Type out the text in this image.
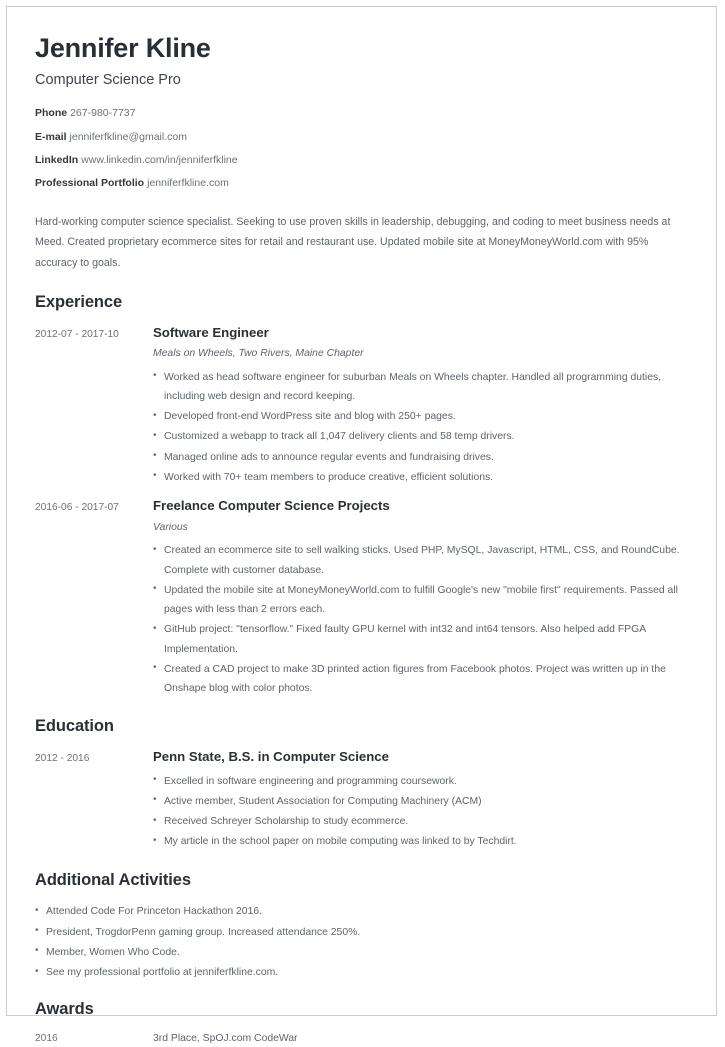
Jennifer Kline
Computer Science Pro
Phone 267-980-7737
E-mail jenniferfkline@gmail.com
LinkedIn www.linkedin.com/in/jenniferfkline
Professional Portfolio jenniferfkline.com

Hard-working computer science specialist. Seeking to use proven skills in leadership, debugging, and coding to meet business needs at Meed. Created proprietary ecommerce sites for retail and restaurant use. Updated mobile site at MoneyMoneyWorld.com with 95% accuracy to goals.

Experience
2012-07 - 2017-10	Software Engineer
Meals on Wheels, Two Rivers, Maine Chapter
• Worked as head software engineer for suburban Meals on Wheels chapter. Handled all programming duties, including web design and record keeping.
• Developed front-end WordPress site and blog with 250+ pages.
• Customized a webapp to track all 1,047 delivery clients and 58 temp drivers.
• Managed online ads to announce regular events and fundraising drives.
• Worked with 70+ team members to produce creative, efficient solutions.
2016-06 - 2017-07	Freelance Computer Science Projects
Various
• Created an ecommerce site to sell walking sticks. Used PHP, MySQL, Javascript, HTML, CSS, and RoundCube. Complete with customer database.
• Updated the mobile site at MoneyMoneyWorld.com to fulfill Google's new "mobile first" requirements. Passed all pages with less than 2 errors each.
• GitHub project: "tensorflow." Fixed faulty GPU kernel with int32 and int64 tensors. Also helped add FPGA Implementation.
• Created a CAD project to make 3D printed action figures from Facebook photos. Project was written up in the Onshape blog with color photos.
Education
2012 - 2016	Penn State, B.S. in Computer Science
• Excelled in software engineering and programming coursework.
• Active member, Student Association for Computing Machinery (ACM)
• Received Schreyer Scholarship to study ecommerce.
• My article in the school paper on mobile computing was linked to by Techdirt.
Additional Activities
• Attended Code For Princeton Hackathon 2016.
• President, TrogdorPenn gaming group. Increased attendance 250%.
• Member, Women Who Code.
• See my professional portfolio at jenniferfkline.com.
Awards
2016	3rd Place, SpOJ.com CodeWar
